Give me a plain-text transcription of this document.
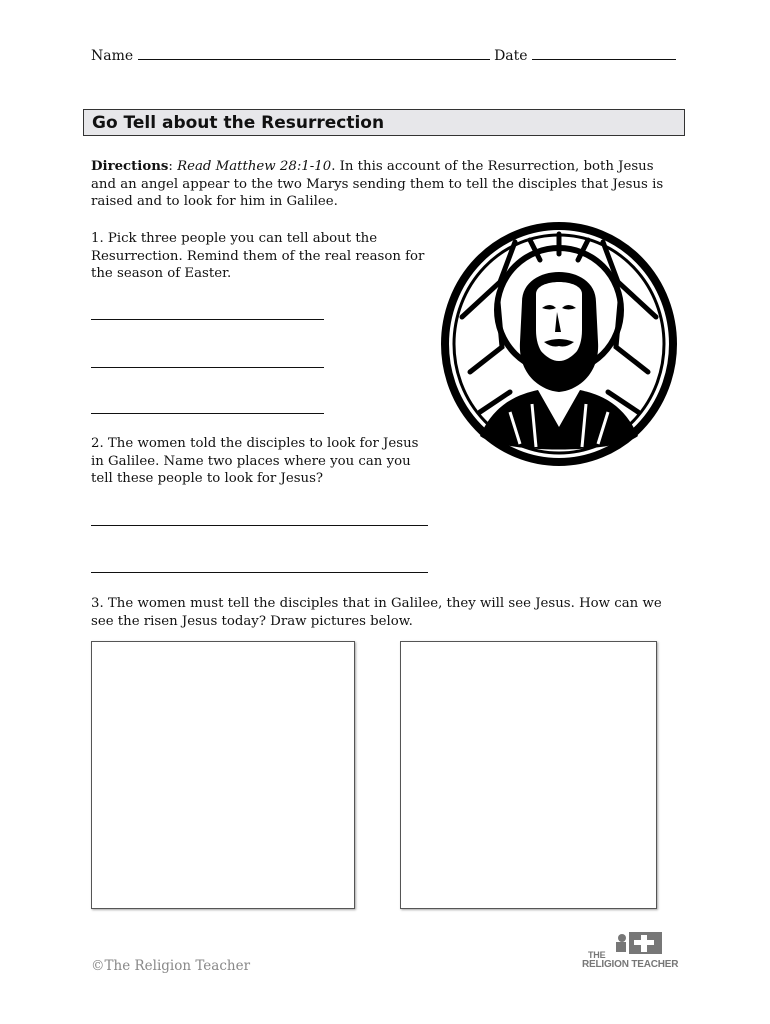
Name	Date
Go Tell about the Resurrection
Directions: Read Matthew 28:1-10. In this account of the Resurrection, both Jesus and an angel appear to the two Marys sending them to tell the disciples that Jesus is raised and to look for him in Galilee.
1. Pick three people you can tell about the Resurrection. Remind them of the real reason for the season of Easter.
2. The women told the disciples to look for Jesus in Galilee. Name two places where you can you tell these people to look for Jesus?
3. The women must tell the disciples that in Galilee, they will see Jesus. How can we see the risen Jesus today? Draw pictures below.
©The Religion Teacher
THE
RELIGION TEACHER
